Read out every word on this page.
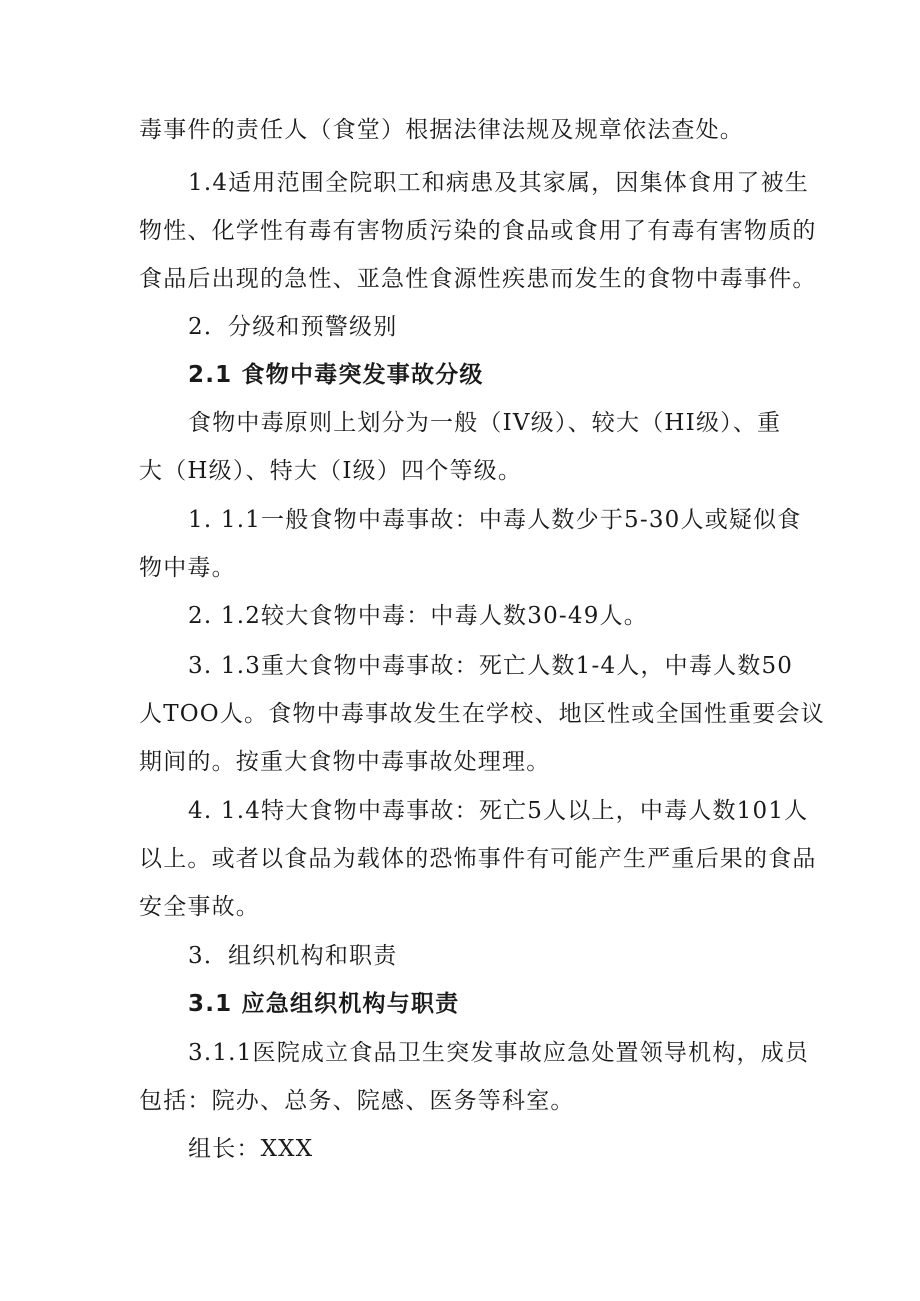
毒事件的责任人（食堂）根据法律法规及规章依法查处。
1.4适用范围全院职工和病患及其家属，因集体食用了被生
物性、化学性有毒有害物质污染的食品或食用了有毒有害物质的
食品后出现的急性、亚急性食源性疾患而发生的食物中毒事件。
2．分级和预警级别
2.1 食物中毒突发事故分级
食物中毒原则上划分为一般（IV级）、较大（HI级）、重
大（H级）、特大（I级）四个等级。
1. 1.1一般食物中毒事故：中毒人数少于5-30人或疑似食
物中毒。
2. 1.2较大食物中毒：中毒人数30-49人。
3. 1.3重大食物中毒事故：死亡人数1-4人，中毒人数50
人TOO人。食物中毒事故发生在学校、地区性或全国性重要会议
期间的。按重大食物中毒事故处理理。
4. 1.4特大食物中毒事故：死亡5人以上，中毒人数101人
以上。或者以食品为载体的恐怖事件有可能产生严重后果的食品
安全事故。
3．组织机构和职责
3.1 应急组织机构与职责
3.1.1医院成立食品卫生突发事故应急处置领导机构，成员
包括：院办、总务、院感、医务等科室。
组长：XXX
